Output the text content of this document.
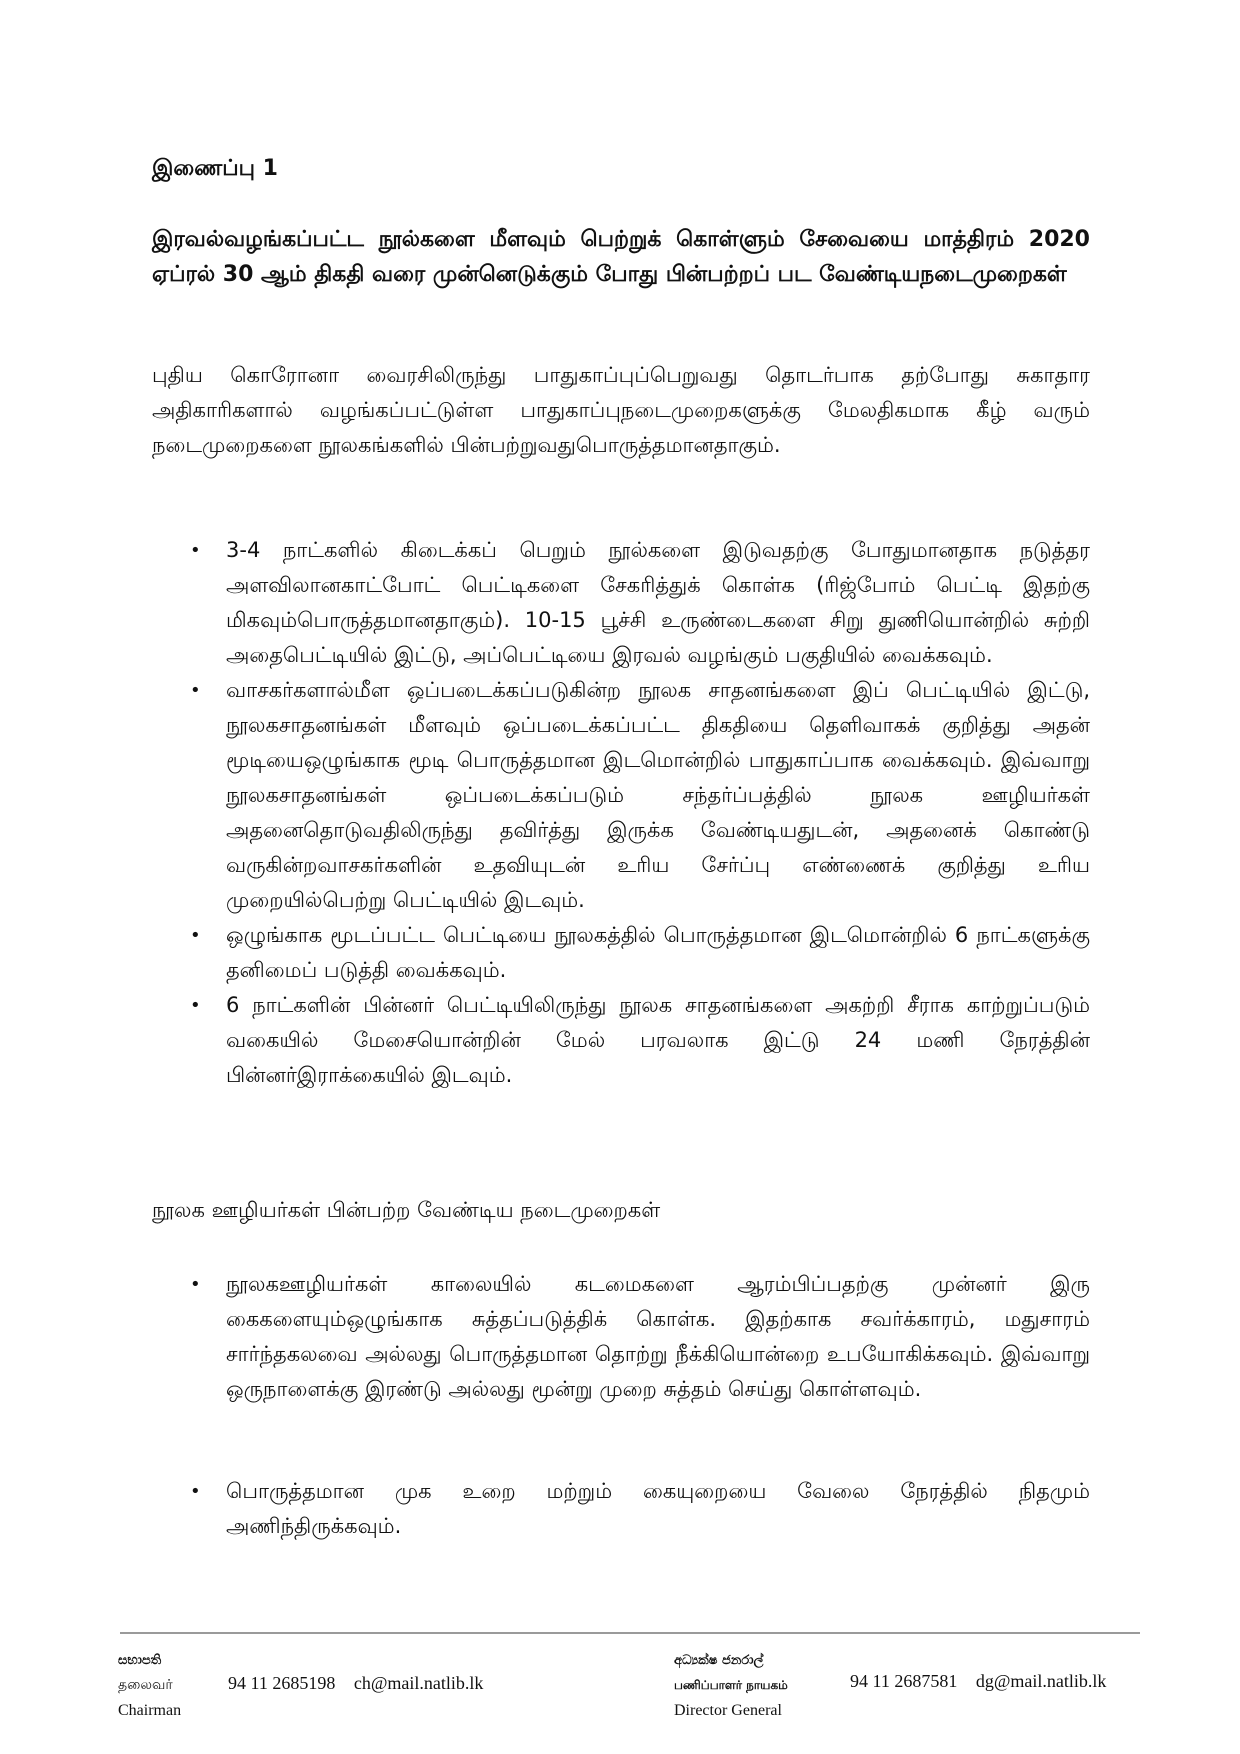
இணைப்பு 1

இரவல்வழங்கப்பட்ட நூல்களை மீளவும் பெற்றுக் கொள்ளும் சேவையை மாத்திரம் 2020 ஏப்ரல் 30 ஆம் திகதி வரை முன்னெடுக்கும் போது பின்பற்றப் பட வேண்டியநடைமுறைகள்

புதிய கொரோனா வைரசிலிருந்து பாதுகாப்புப்பெறுவது தொடர்பாக தற்போது சுகாதார அதிகாரிகளால் வழங்கப்பட்டுள்ள பாதுகாப்புநடைமுறைகளுக்கு மேலதிகமாக கீழ் வரும் நடைமுறைகளை நூலகங்களில் பின்பற்றுவதுபொருத்தமானதாகும்.

• 3-4 நாட்களில் கிடைக்கப் பெறும் நூல்களை இடுவதற்கு போதுமானதாக நடுத்தர அளவிலானகாட்போட் பெட்டிகளை சேகரித்துக் கொள்க (ரிஜ்போம் பெட்டி இதற்கு மிகவும்பொருத்தமானதாகும்). 10-15 பூச்சி உருண்டைகளை சிறு துணியொன்றில் சுற்றி அதைபெட்டியில் இட்டு, அப்பெட்டியை இரவல் வழங்கும் பகுதியில் வைக்கவும்.
• வாசகர்களால்மீள ஒப்படைக்கப்படுகின்ற நூலக சாதனங்களை இப் பெட்டியில் இட்டு, நூலகசாதனங்கள் மீளவும் ஒப்படைக்கப்பட்ட திகதியை தெளிவாகக் குறித்து அதன் மூடியைஒழுங்காக மூடி பொருத்தமான இடமொன்றில் பாதுகாப்பாக வைக்கவும். இவ்வாறு நூலகசாதனங்கள் ஒப்படைக்கப்படும் சந்தர்ப்பத்தில் நூலக ஊழியர்கள் அதனைதொடுவதிலிருந்து தவிர்த்து இருக்க வேண்டியதுடன், அதனைக் கொண்டு வருகின்றவாசகர்களின் உதவியுடன் உரிய சேர்ப்பு எண்ணைக் குறித்து உரிய முறையில்பெற்று பெட்டியில் இடவும்.
• ஒழுங்காக மூடப்பட்ட பெட்டியை நூலகத்தில் பொருத்தமான இடமொன்றில் 6 நாட்களுக்கு தனிமைப் படுத்தி வைக்கவும்.
• 6 நாட்களின் பின்னர் பெட்டியிலிருந்து நூலக சாதனங்களை அகற்றி சீராக காற்றுப்படும் வகையில் மேசையொன்றின் மேல் பரவலாக இட்டு 24 மணி நேரத்தின் பின்னர்இராக்கையில் இடவும்.

நூலக ஊழியர்கள் பின்பற்ற வேண்டிய நடைமுறைகள்

• நூலகஊழியர்கள் காலையில் கடமைகளை ஆரம்பிப்பதற்கு முன்னர் இரு கைகளையும்ஒழுங்காக சுத்தப்படுத்திக் கொள்க. இதற்காக சவர்க்காரம், மதுசாரம் சார்ந்தகலவை அல்லது பொருத்தமான தொற்று நீக்கியொன்றை உபயோகிக்கவும். இவ்வாறு ஒருநாளைக்கு இரண்டு அல்லது மூன்று முறை சுத்தம் செய்து கொள்ளவும்.
• பொருத்தமான முக உறை மற்றும் கையுறையை வேலை நேரத்தில் நிதமும் அணிந்திருக்கவும்.
සභාපති
தலைவர்
Chairman
94 11 2685198 ch@mail.natlib.lk
අධ්‍යක්ෂ ජනරාල්
பணிப்பாளர் நாயகம்
Director General
94 11 2687581 dg@mail.natlib.lk
